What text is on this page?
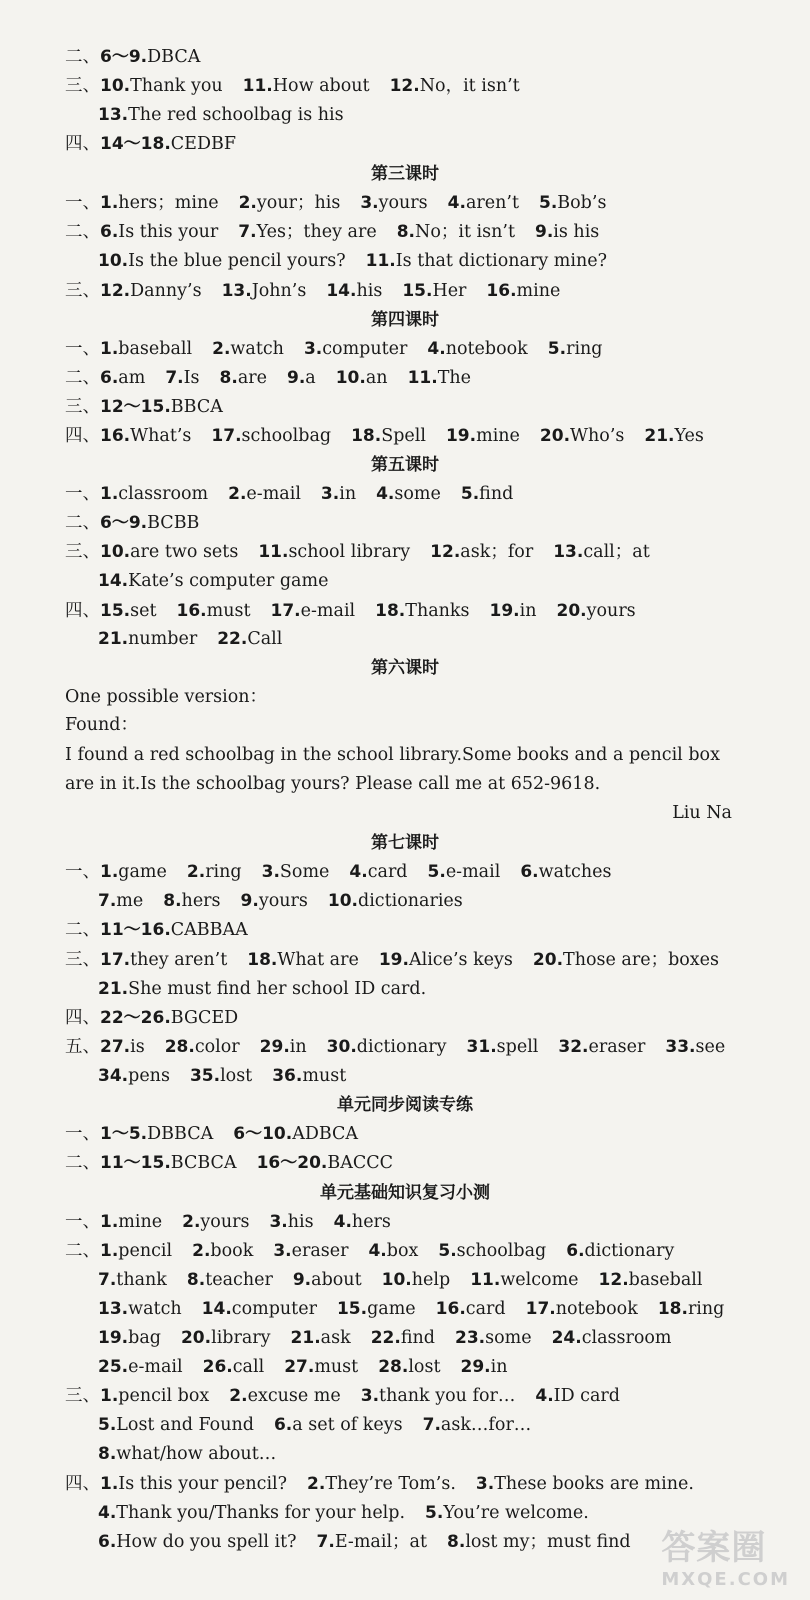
二、6～9.DBCA
三、10.Thank you 11.How about 12.No，it isn’t
13.The red schoolbag is his
四、14～18.CEDBF
第三课时
一、1.hers；mine 2.your；his 3.yours 4.aren’t 5.Bob’s
二、6.Is this your 7.Yes；they are 8.No；it isn’t 9.is his
10.Is the blue pencil yours? 11.Is that dictionary mine?
三、12.Danny’s 13.John’s 14.his 15.Her 16.mine
第四课时
一、1.baseball 2.watch 3.computer 4.notebook 5.ring
二、6.am 7.Is 8.are 9.a 10.an 11.The
三、12～15.BBCA
四、16.What’s 17.schoolbag 18.Spell 19.mine 20.Who’s 21.Yes
第五课时
一、1.classroom 2.e-mail 3.in 4.some 5.find
二、6～9.BCBB
三、10.are two sets 11.school library 12.ask；for 13.call；at
14.Kate’s computer game
四、15.set 16.must 17.e-mail 18.Thanks 19.in 20.yours
21.number 22.Call
第六课时
One possible version：
Found：
I found a red schoolbag in the school library.Some books and a pencil box
are in it.Is the schoolbag yours? Please call me at 652-9618.
Liu Na
第七课时
一、1.game 2.ring 3.Some 4.card 5.e-mail 6.watches
7.me 8.hers 9.yours 10.dictionaries
二、11～16.CABBAA
三、17.they aren’t 18.What are 19.Alice’s keys 20.Those are；boxes
21.She must find her school ID card.
四、22～26.BGCED
五、27.is 28.color 29.in 30.dictionary 31.spell 32.eraser 33.see
34.pens 35.lost 36.must
单元同步阅读专练
一、1～5.DBBCA 6～10.ADBCA
二、11～15.BCBCA 16～20.BACCC
单元基础知识复习小测
一、1.mine 2.yours 3.his 4.hers
二、1.pencil 2.book 3.eraser 4.box 5.schoolbag 6.dictionary
7.thank 8.teacher 9.about 10.help 11.welcome 12.baseball
13.watch 14.computer 15.game 16.card 17.notebook 18.ring
19.bag 20.library 21.ask 22.find 23.some 24.classroom
25.e-mail 26.call 27.must 28.lost 29.in
三、1.pencil box 2.excuse me 3.thank you for… 4.ID card
5.Lost and Found 6.a set of keys 7.ask…for…
8.what/how about…
四、1.Is this your pencil? 2.They’re Tom’s. 3.These books are mine.
4.Thank you/Thanks for your help. 5.You’re welcome.
6.How do you spell it? 7.E-mail；at 8.lost my；must find 答案圈
MXQE.COM
